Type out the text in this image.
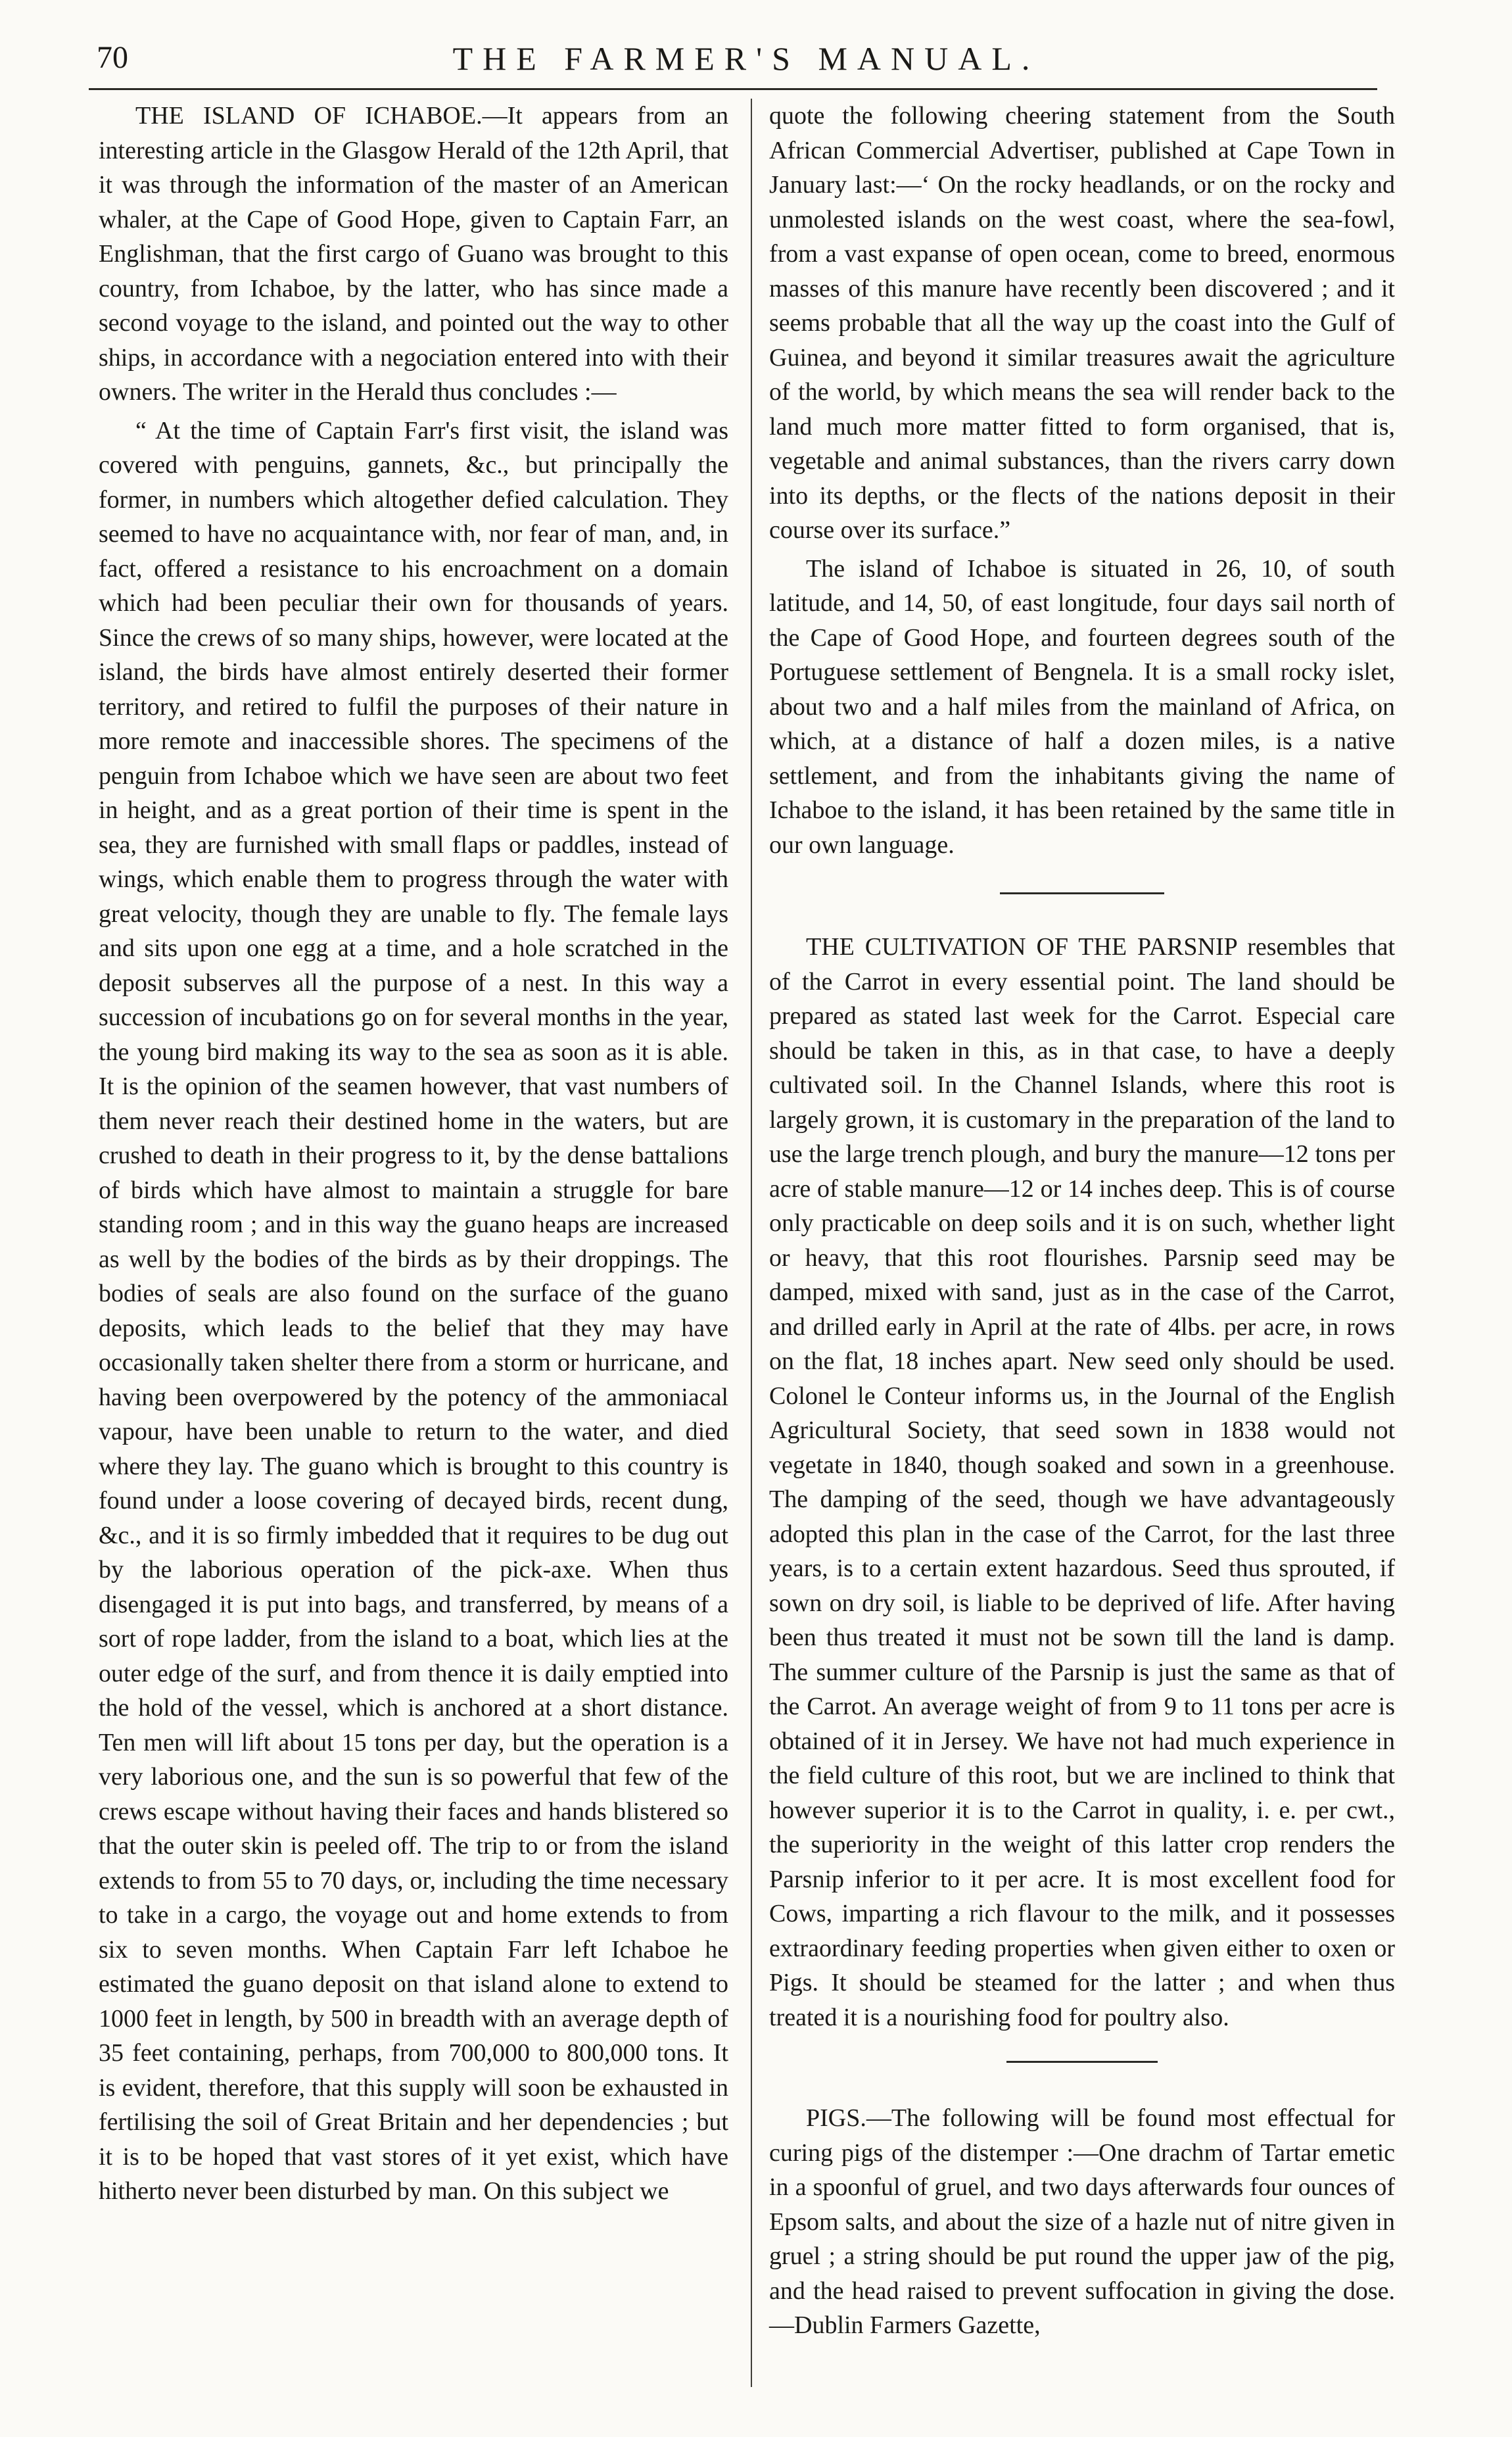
70	THE FARMER'S MANUAL.

THE ISLAND OF ICHABOE.—It appears from an interesting article in the Glasgow Herald of the 12th April, that it was through the information of the master of an American whaler, at the Cape of Good Hope, given to Captain Farr, an Englishman, that the first cargo of Guano was brought to this country, from Ichaboe, by the latter, who has since made a second voyage to the island, and pointed out the way to other ships, in accordance with a negociation entered into with their owners. The writer in the Herald thus concludes :—

“ At the time of Captain Farr's first visit, the island was covered with penguins, gannets, &c., but principally the former, in numbers which altogether defied calculation. They seemed to have no acquaintance with, nor fear of man, and, in fact, offered a resistance to his encroachment on a domain which had been peculiar their own for thousands of years. Since the crews of so many ships, however, were located at the island, the birds have almost entirely deserted their former territory, and retired to fulfil the purposes of their nature in more remote and inaccessible shores. The specimens of the penguin from Ichaboe which we have seen are about two feet in height, and as a great portion of their time is spent in the sea, they are furnished with small flaps or paddles, instead of wings, which enable them to progress through the water with great velocity, though they are unable to fly. The female lays and sits upon one egg at a time, and a hole scratched in the deposit subserves all the purpose of a nest. In this way a succession of incubations go on for several months in the year, the young bird making its way to the sea as soon as it is able. It is the opinion of the seamen however, that vast numbers of them never reach their destined home in the waters, but are crushed to death in their progress to it, by the dense battalions of birds which have almost to maintain a struggle for bare standing room ; and in this way the guano heaps are increased as well by the bodies of the birds as by their droppings. The bodies of seals are also found on the surface of the guano deposits, which leads to the belief that they may have occasionally taken shelter there from a storm or hurricane, and having been overpowered by the potency of the ammoniacal vapour, have been unable to return to the water, and died where they lay. The guano which is brought to this country is found under a loose covering of decayed birds, recent dung, &c., and it is so firmly imbedded that it requires to be dug out by the laborious operation of the pick-axe. When thus disengaged it is put into bags, and transferred, by means of a sort of rope ladder, from the island to a boat, which lies at the outer edge of the surf, and from thence it is daily emptied into the hold of the vessel, which is anchored at a short distance. Ten men will lift about 15 tons per day, but the operation is a very laborious one, and the sun is so powerful that few of the crews escape without having their faces and hands blistered so that the outer skin is peeled off. The trip to or from the island extends to from 55 to 70 days, or, including the time necessary to take in a cargo, the voyage out and home extends to from six to seven months. When Captain Farr left Ichaboe he estimated the guano deposit on that island alone to extend to 1000 feet in length, by 500 in breadth with an average depth of 35 feet containing, perhaps, from 700,000 to 800,000 tons. It is evident, therefore, that this supply will soon be exhausted in fertilising the soil of Great Britain and her dependencies ; but it is to be hoped that vast stores of it yet exist, which have hitherto never been disturbed by man. On this subject we

quote the following cheering statement from the South African Commercial Advertiser, published at Cape Town in January last:—‘ On the rocky headlands, or on the rocky and unmolested islands on the west coast, where the sea-fowl, from a vast expanse of open ocean, come to breed, enormous masses of this manure have recently been discovered ; and it seems probable that all the way up the coast into the Gulf of Guinea, and beyond it similar treasures await the agriculture of the world, by which means the sea will render back to the land much more matter fitted to form organised, that is, vegetable and animal substances, than the rivers carry down into its depths, or the flects of the nations deposit in their course over its surface.”

The island of Ichaboe is situated in 26, 10, of south latitude, and 14, 50, of east longitude, four days sail north of the Cape of Good Hope, and fourteen degrees south of the Portuguese settlement of Bengnela. It is a small rocky islet, about two and a half miles from the mainland of Africa, on which, at a distance of half a dozen miles, is a native settlement, and from the inhabitants giving the name of Ichaboe to the island, it has been retained by the same title in our own language.

THE CULTIVATION OF THE PARSNIP resembles that of the Carrot in every essential point. The land should be prepared as stated last week for the Carrot. Especial care should be taken in this, as in that case, to have a deeply cultivated soil. In the Channel Islands, where this root is largely grown, it is customary in the preparation of the land to use the large trench plough, and bury the manure—12 tons per acre of stable manure—12 or 14 inches deep. This is of course only practicable on deep soils and it is on such, whether light or heavy, that this root flourishes. Parsnip seed may be damped, mixed with sand, just as in the case of the Carrot, and drilled early in April at the rate of 4lbs. per acre, in rows on the flat, 18 inches apart. New seed only should be used. Colonel le Conteur informs us, in the Journal of the English Agricultural Society, that seed sown in 1838 would not vegetate in 1840, though soaked and sown in a greenhouse. The damping of the seed, though we have advantageously adopted this plan in the case of the Carrot, for the last three years, is to a certain extent hazardous. Seed thus sprouted, if sown on dry soil, is liable to be deprived of life. After having been thus treated it must not be sown till the land is damp. The summer culture of the Parsnip is just the same as that of the Carrot. An average weight of from 9 to 11 tons per acre is obtained of it in Jersey. We have not had much experience in the field culture of this root, but we are inclined to think that however superior it is to the Carrot in quality, i. e. per cwt., the superiority in the weight of this latter crop renders the Parsnip inferior to it per acre. It is most excellent food for Cows, imparting a rich flavour to the milk, and it possesses extraordinary feeding properties when given either to oxen or Pigs. It should be steamed for the latter ; and when thus treated it is a nourishing food for poultry also.

PIGS.—The following will be found most effectual for curing pigs of the distemper :—One drachm of Tartar emetic in a spoonful of gruel, and two days afterwards four ounces of Epsom salts, and about the size of a hazle nut of nitre given in gruel ; a string should be put round the upper jaw of the pig, and the head raised to prevent suffocation in giving the dose.—Dublin Farmers Gazette,
